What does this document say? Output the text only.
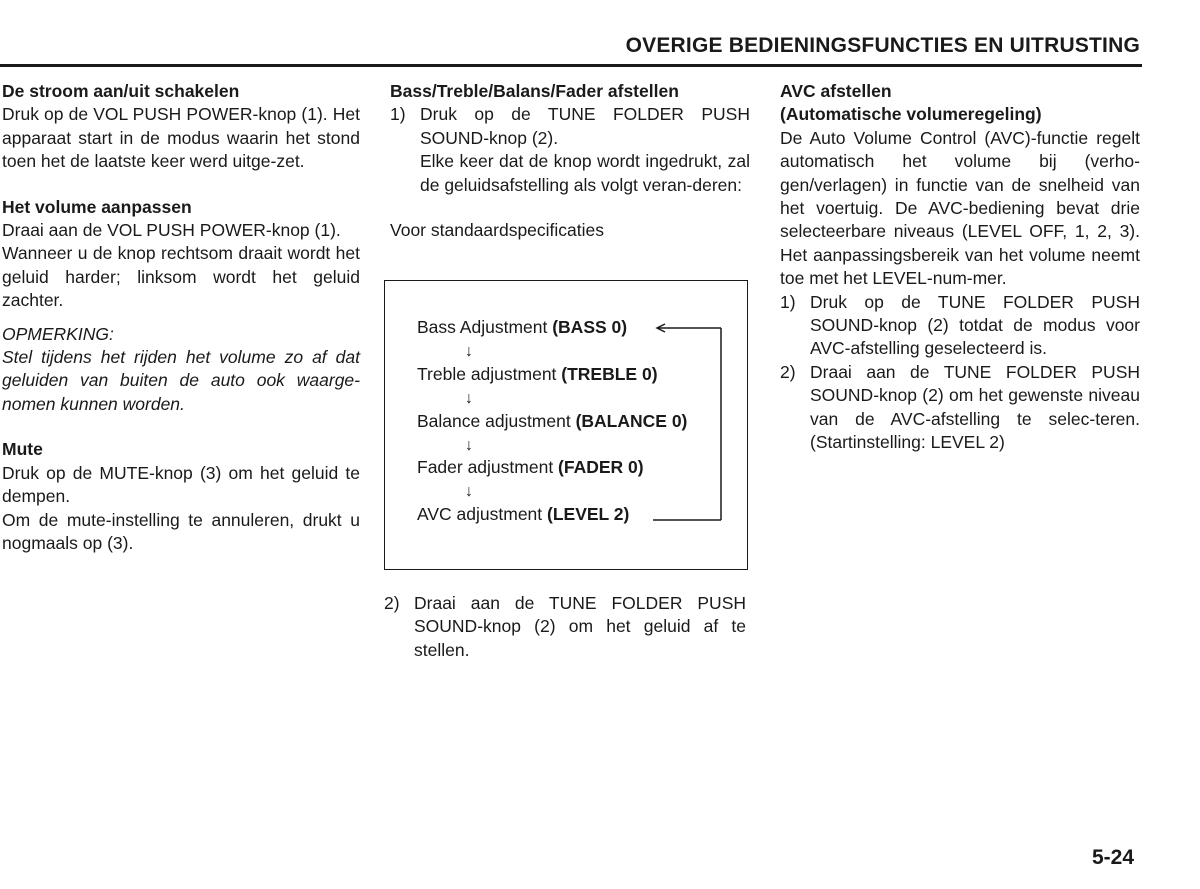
OVERIGE BEDIENINGSFUNCTIES EN UITRUSTING

De stroom aan/uit schakelen

Druk op de VOL PUSH POWER-knop (1). Het apparaat start in de modus waarin het stond toen het de laatste keer werd uitge-zet.

Het volume aanpassen

Draai aan de VOL PUSH POWER-knop (1).

Wanneer u de knop rechtsom draait wordt het geluid harder; linksom wordt het geluid zachter.

OPMERKING:

Stel tijdens het rijden het volume zo af dat geluiden van buiten de auto ook waarge-nomen kunnen worden.

Mute

Druk op de MUTE-knop (3) om het geluid te dempen.

Om de mute-instelling te annuleren, drukt u nogmaals op (3).

Bass/Treble/Balans/Fader afstellen

1) Druk op de TUNE FOLDER PUSH SOUND-knop (2).

Elke keer dat de knop wordt ingedrukt, zal de geluidsafstelling als volgt veran-deren:

Voor standaardspecificaties

Bass Adjustment (BASS 0)
↓
Treble adjustment (TREBLE 0)
↓
Balance adjustment (BALANCE 0)
↓
Fader adjustment (FADER 0)
↓
AVC adjustment (LEVEL 2)
2) Draai aan de TUNE FOLDER PUSH SOUND-knop (2) om het geluid af te stellen.

AVC afstellen

(Automatische volumeregeling)

De Auto Volume Control (AVC)-functie regelt automatisch het volume bij (verho-gen/verlagen) in functie van de snelheid van het voertuig. De AVC-bediening bevat drie selecteerbare niveaus (LEVEL OFF, 1, 2, 3). Het aanpassingsbereik van het volume neemt toe met het LEVEL-num-mer.

1) Druk op de TUNE FOLDER PUSH SOUND-knop (2) totdat de modus voor AVC-afstelling geselecteerd is.

2) Draai aan de TUNE FOLDER PUSH SOUND-knop (2) om het gewenste niveau van de AVC-afstelling te selec-teren. (Startinstelling: LEVEL 2)

5-24
